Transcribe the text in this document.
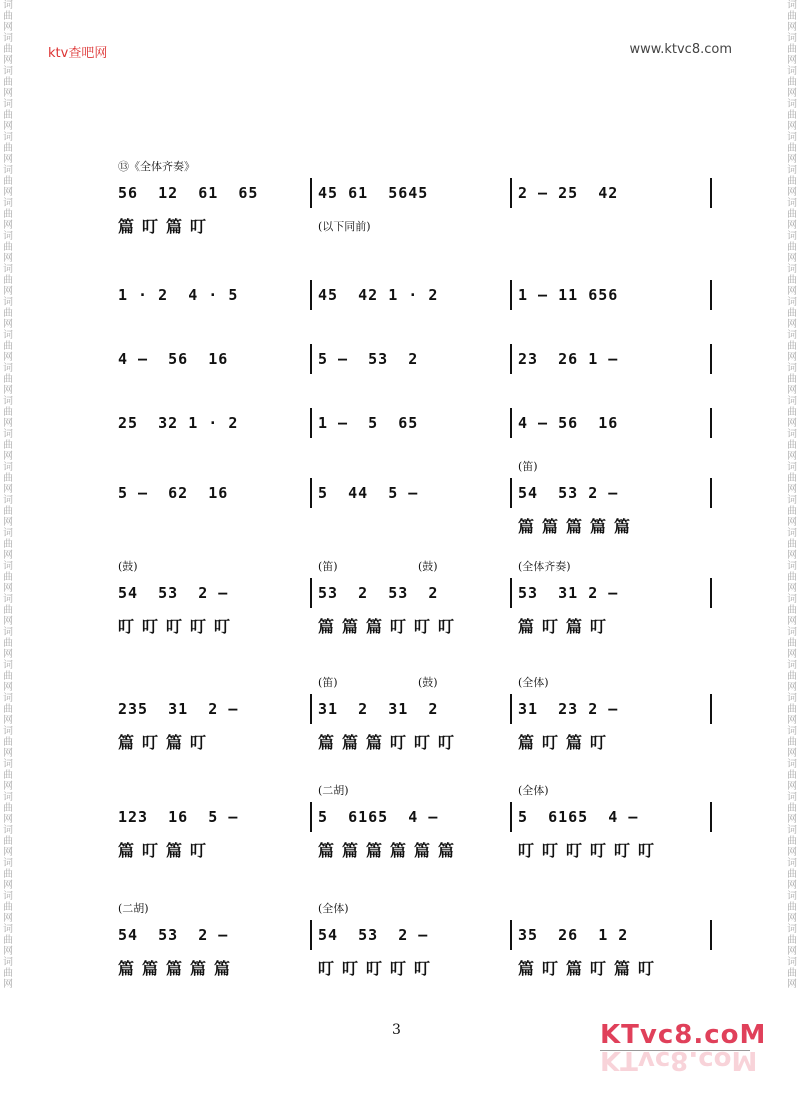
词曲网词曲网词曲网词曲网词曲网词曲网词曲网词曲网词曲网词曲网词曲网词曲网词曲网词曲网词曲网词曲网词曲网词曲网词曲网词曲网词曲网词曲网词曲网词曲网词曲网词曲网词曲网词曲网词曲网词曲网
词曲网词曲网词曲网词曲网词曲网词曲网词曲网词曲网词曲网词曲网词曲网词曲网词曲网词曲网词曲网词曲网词曲网词曲网词曲网词曲网词曲网词曲网词曲网词曲网词曲网词曲网词曲网词曲网词曲网词曲网
ktv查吧网	www.ktvc8.com
⑬《全体齐奏》
56  12  61  65	45 61  5645	2 — 25  42
篇叮篇叮	(以下同前)
1 · 2  4 · 5	45  42 1 · 2	1 — 11 656
4 —  56  16	5 —  53  2	23  26 1 —
25  32 1 · 2	1 —  5  65	4 — 56  16
(笛)
5 —  62  16	5  44  5 —	54  53 2 —
篇篇篇篇篇
(鼓)	(笛)	(鼓)	(全体齐奏)
54  53  2 —	53  2  53  2	53  31 2 —
叮叮叮叮叮	篇篇篇叮叮叮	篇叮篇叮
(笛)	(鼓)	(全体)
235  31  2 —	31  2  31  2	31  23 2 —
篇叮篇叮	篇篇篇叮叮叮	篇叮篇叮
(二胡)	(全体)
123  16  5 —	5  6165  4 —	5  6165  4 —
篇叮篇叮	篇篇篇篇篇篇	叮叮叮叮叮叮
(二胡)	(全体)
54  53  2 —	54  53  2 —	35  26  1 2
篇篇篇篇篇	叮叮叮叮叮	篇叮篇叮篇叮
3	KTvc8.coM
KTvc8.coM
